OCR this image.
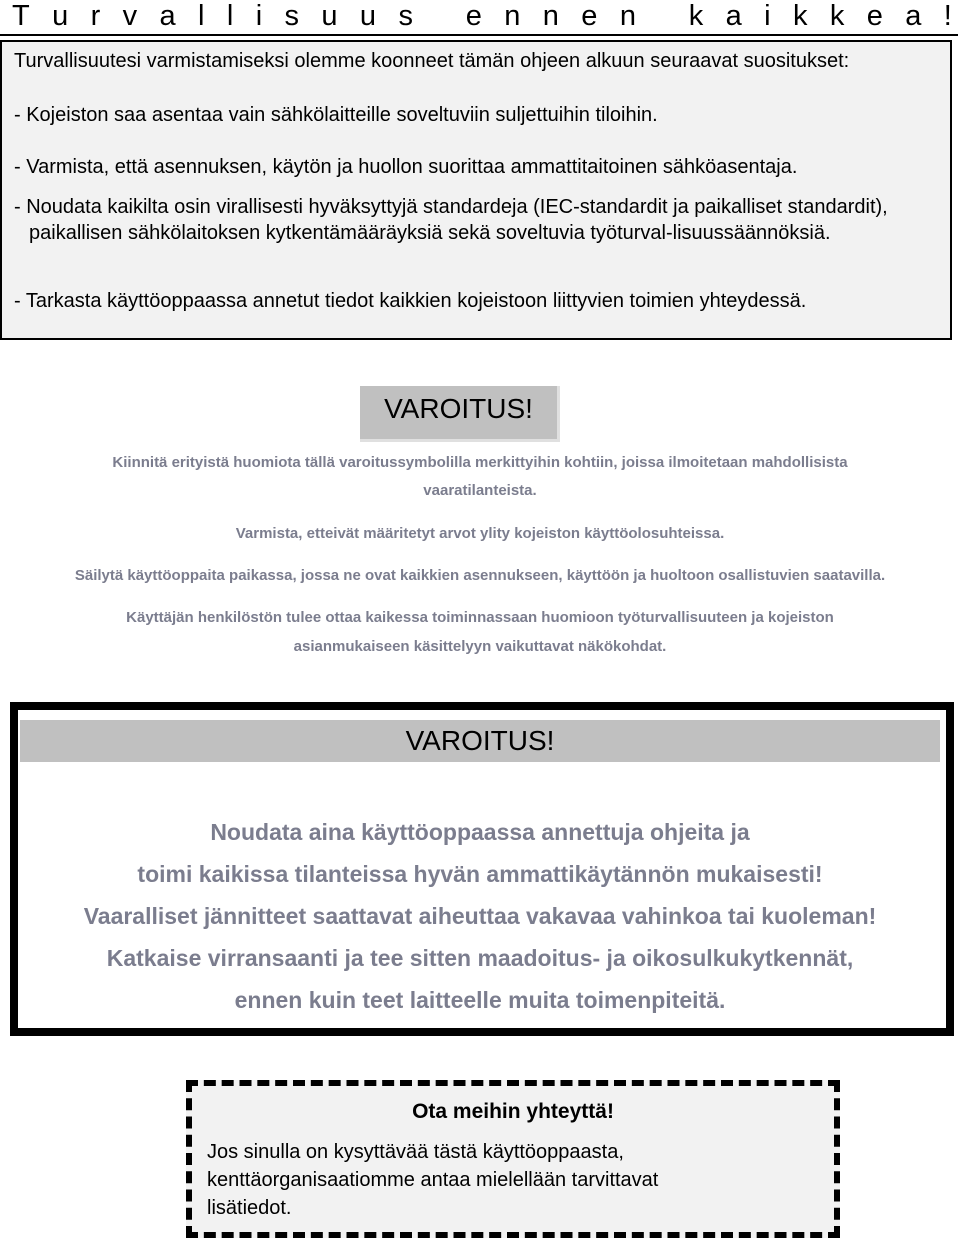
T u r v a l l i s u u s
e n n e n
k a i k k e a !

Turvallisuutesi varmistamiseksi olemme koonneet tämän ohjeen alkuun seuraavat suositukset:

- Kojeiston saa asentaa vain sähkölaitteille soveltuviin suljettuihin tiloihin.

- Varmista, että asennuksen, käytön ja huollon suorittaa ammattitaitoinen sähköasentaja.

- Noudata kaikilta osin virallisesti hyväksyttyjä standardeja (IEC-standardit ja paikalliset standardit), paikallisen sähkölaitoksen kytkentämääräyksiä sekä soveltuvia työturval-lisuussäännöksiä.

- Tarkasta käyttöoppaassa annetut tiedot kaikkien kojeistoon liittyvien toimien yhteydessä.

VAROITUS!
Kiinnitä erityistä huomiota tällä varoitussymbolilla merkittyihin kohtiin, joissa ilmoitetaan mahdollisista
vaaratilanteista.
Varmista, etteivät määritetyt arvot ylity kojeiston käyttöolosuhteissa.
Säilytä käyttöoppaita paikassa, jossa ne ovat kaikkien asennukseen, käyttöön ja huoltoon osallistuvien saatavilla.
Käyttäjän henkilöstön tulee ottaa kaikessa toiminnassaan huomioon työturvallisuuteen ja kojeiston
asianmukaiseen käsittelyyn vaikuttavat näkökohdat.
VAROITUS!
Noudata aina käyttöoppaassa annettuja ohjeita ja
toimi kaikissa tilanteissa hyvän ammattikäytännön mukaisesti!
Vaaralliset jännitteet saattavat aiheuttaa vakavaa vahinkoa tai kuoleman!
Katkaise virransaanti ja tee sitten maadoitus- ja oikosulkukytkennät,
ennen kuin teet laitteelle muita toimenpiteitä.
Ota meihin yhteyttä!
Jos sinulla on kysyttävää tästä käyttöoppaasta,
kenttäorganisaatiomme antaa mielellään tarvittavat
lisätiedot.
